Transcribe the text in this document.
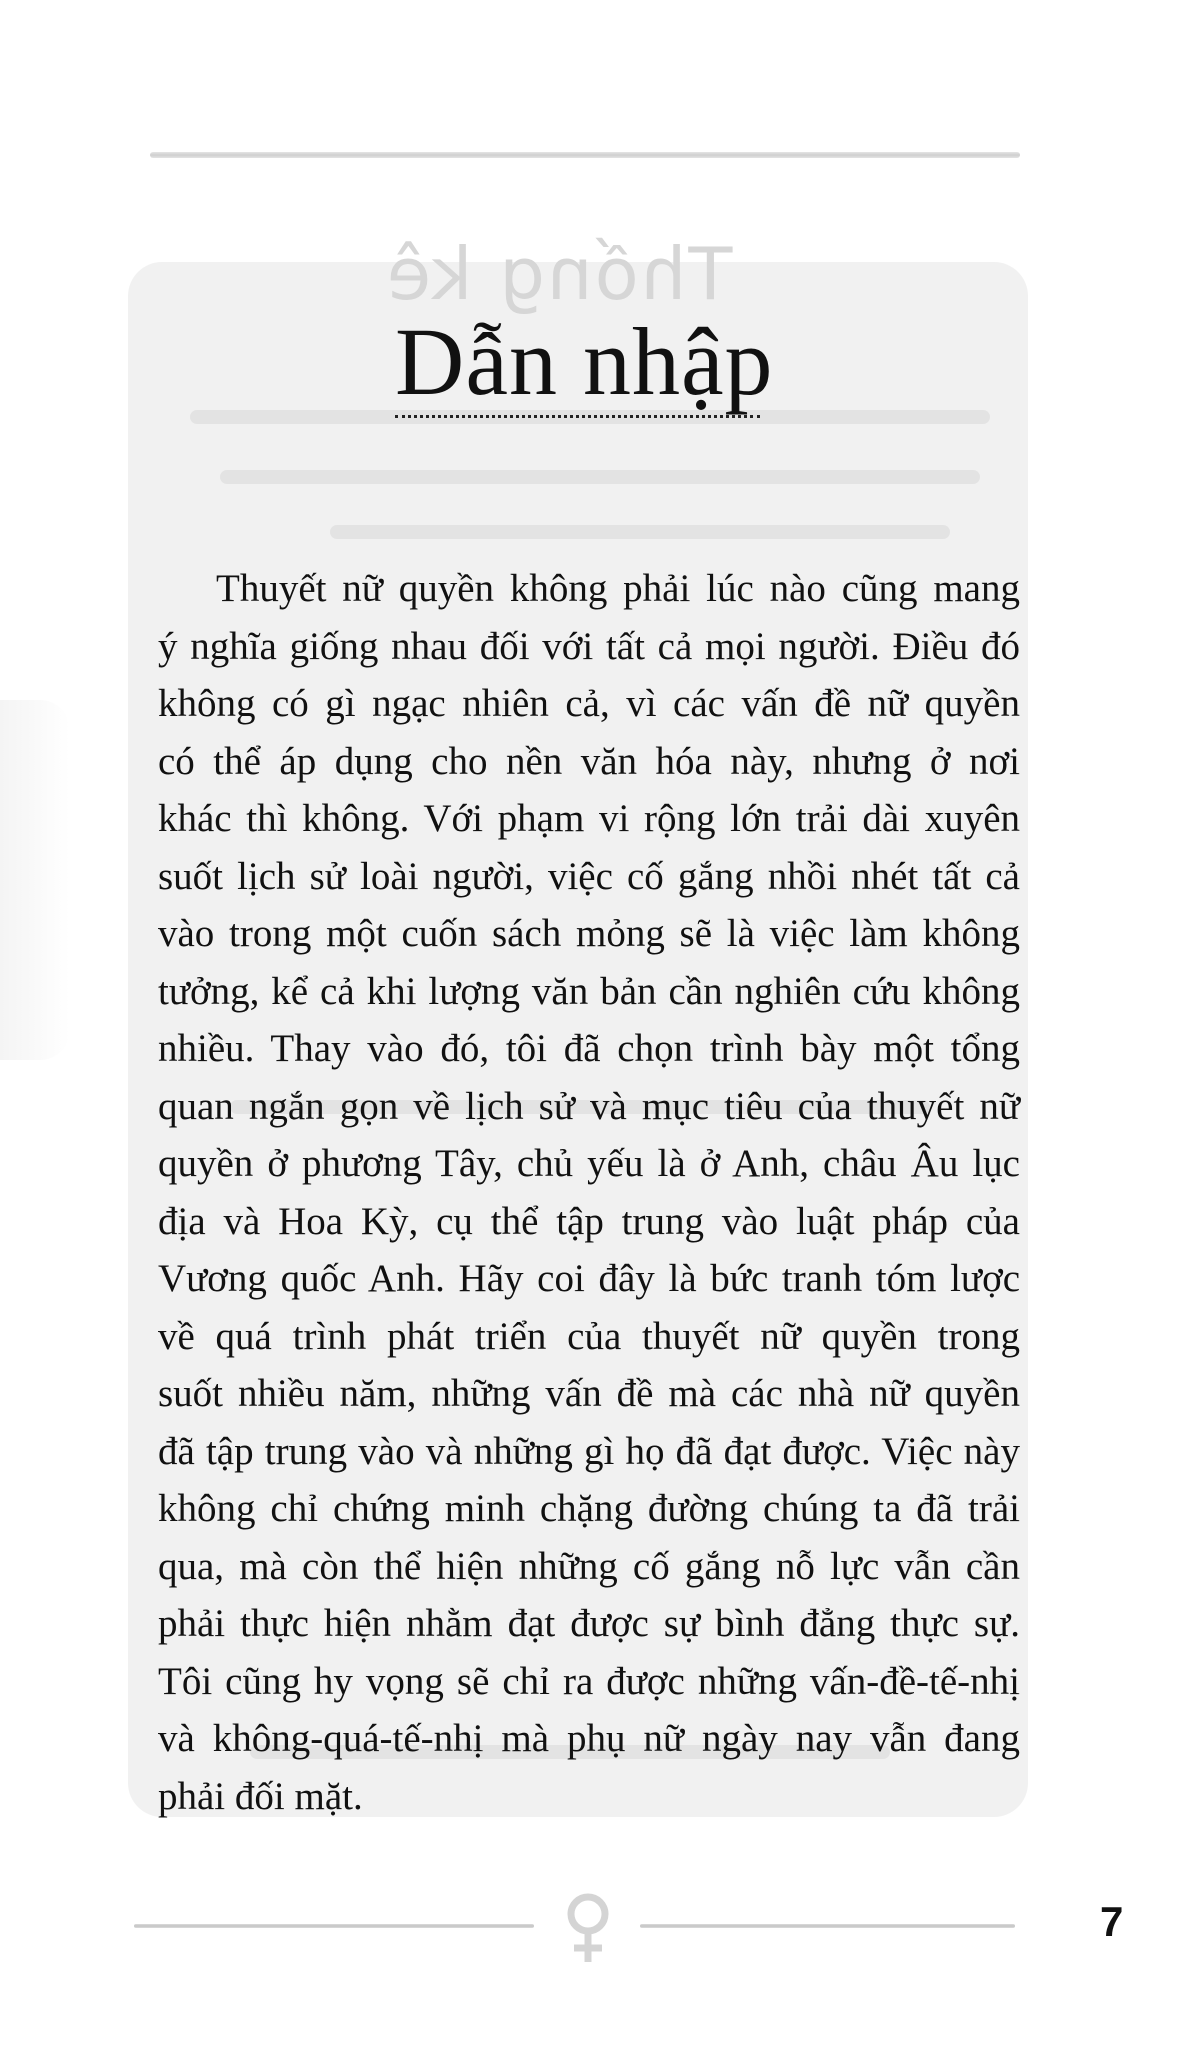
Thống kê
Dẫn nhập

Thuyết nữ quyền không phải lúc nào cũng mang
ý nghĩa giống nhau đối với tất cả mọi người. Điều đó
không có gì ngạc nhiên cả, vì các vấn đề nữ quyền
có thể áp dụng cho nền văn hóa này, nhưng ở nơi
khác thì không. Với phạm vi rộng lớn trải dài xuyên
suốt lịch sử loài người, việc cố gắng nhồi nhét tất cả
vào trong một cuốn sách mỏng sẽ là việc làm không
tưởng, kể cả khi lượng văn bản cần nghiên cứu không
nhiều. Thay vào đó, tôi đã chọn trình bày một tổng
quan ngắn gọn về lịch sử và mục tiêu của thuyết nữ
quyền ở phương Tây, chủ yếu là ở Anh, châu Âu lục
địa và Hoa Kỳ, cụ thể tập trung vào luật pháp của
Vương quốc Anh. Hãy coi đây là bức tranh tóm lược
về quá trình phát triển của thuyết nữ quyền trong
suốt nhiều năm, những vấn đề mà các nhà nữ quyền
đã tập trung vào và những gì họ đã đạt được. Việc này
không chỉ chứng minh chặng đường chúng ta đã trải
qua, mà còn thể hiện những cố gắng nỗ lực vẫn cần
phải thực hiện nhằm đạt được sự bình đẳng thực sự.
Tôi cũng hy vọng sẽ chỉ ra được những vấn-đề-tế-nhị
và không-quá-tế-nhị mà phụ nữ ngày nay vẫn đang
phải đối mặt.

7
